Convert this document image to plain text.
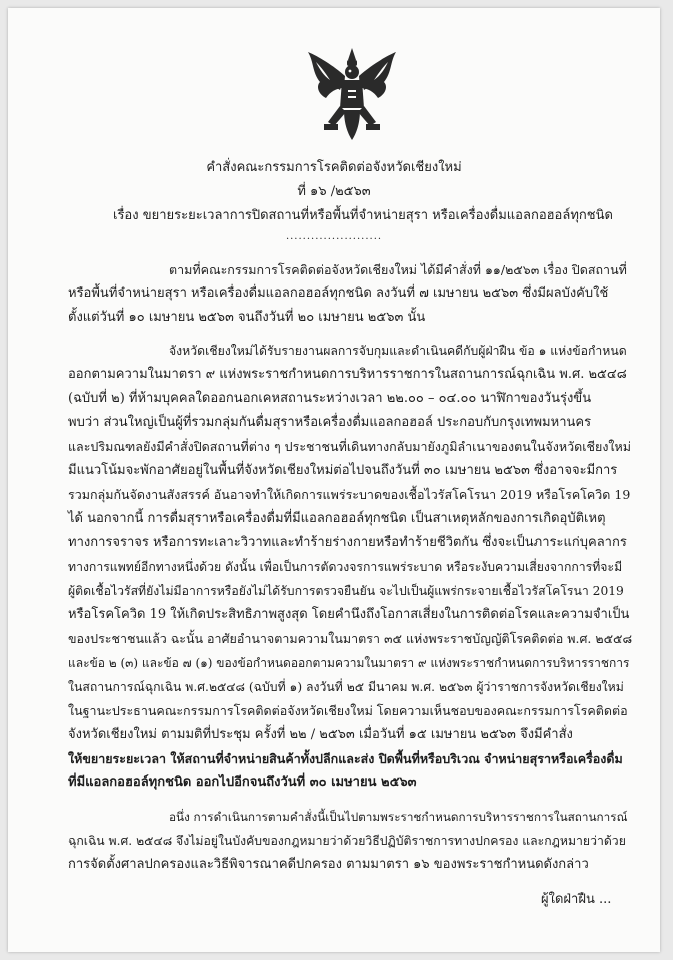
คำสั่งคณะกรรมการโรคติดต่อจังหวัดเชียงใหม่
ที่ ๑๖ /๒๕๖๓
เรื่อง ขยายระยะเวลาการปิดสถานที่หรือพื้นที่จำหน่ายสุรา หรือเครื่องดื่มแอลกอฮอล์ทุกชนิด
.......................
ตามที่คณะกรรมการโรคติดต่อจังหวัดเชียงใหม่ ได้มีคำสั่งที่ ๑๑/๒๕๖๓ เรื่อง ปิดสถานที่
หรือพื้นที่จำหน่ายสุรา หรือเครื่องดื่มแอลกอฮอล์ทุกชนิด ลงวันที่ ๗ เมษายน ๒๕๖๓ ซึ่งมีผลบังคับใช้
ตั้งแต่วันที่ ๑๐ เมษายน ๒๕๖๓ จนถึงวันที่ ๒๐ เมษายน ๒๕๖๓ นั้น
จังหวัดเชียงใหม่ได้รับรายงานผลการจับกุมและดำเนินคดีกับผู้ฝ่าฝืน ข้อ ๑ แห่งข้อกำหนด
ออกตามความในมาตรา ๙ แห่งพระราชกำหนดการบริหารราชการในสถานการณ์ฉุกเฉิน พ.ศ. ๒๕๔๘
(ฉบับที่ ๒) ที่ห้ามบุคคลใดออกนอกเคหสถานระหว่างเวลา ๒๒.๐๐ – ๐๔.๐๐ นาฬิกาของวันรุ่งขึ้น
พบว่า ส่วนใหญ่เป็นผู้ที่รวมกลุ่มกันดื่มสุราหรือเครื่องดื่มแอลกอฮอล์ ประกอบกับกรุงเทพมหานคร
และปริมณฑลยังมีคำสั่งปิดสถานที่ต่าง ๆ ประชาชนที่เดินทางกลับมายังภูมิลำเนาของตนในจังหวัดเชียงใหม่
มีแนวโน้มจะพักอาศัยอยู่ในพื้นที่จังหวัดเชียงใหม่ต่อไปจนถึงวันที่ ๓๐ เมษายน ๒๕๖๓ ซึ่งอาจจะมีการ
รวมกลุ่มกันจัดงานสังสรรค์ อันอาจทำให้เกิดการแพร่ระบาดของเชื้อไวรัสโคโรนา 2019 หรือโรคโควิด 19
ได้ นอกจากนี้ การดื่มสุราหรือเครื่องดื่มที่มีแอลกอฮอล์ทุกชนิด เป็นสาเหตุหลักของการเกิดอุบัติเหตุ
ทางการจราจร หรือการทะเลาะวิวาทและทำร้ายร่างกายหรือทำร้ายชีวิตกัน ซึ่งจะเป็นภาระแก่บุคลากร
ทางการแพทย์อีกทางหนึ่งด้วย ดังนั้น เพื่อเป็นการตัดวงจรการแพร่ระบาด หรือระงับความเสี่ยงจากการที่จะมี
ผู้ติดเชื้อไวรัสที่ยังไม่มีอาการหรือยังไม่ได้รับการตรวจยืนยัน จะไปเป็นผู้แพร่กระจายเชื้อไวรัสโคโรนา 2019
หรือโรคโควิด 19 ให้เกิดประสิทธิภาพสูงสุด โดยคำนึงถึงโอกาสเสี่ยงในการติดต่อโรคและความจำเป็น
ของประชาชนแล้ว ฉะนั้น อาศัยอำนาจตามความในมาตรา ๓๕ แห่งพระราชบัญญัติโรคติดต่อ พ.ศ. ๒๕๕๘
และข้อ ๒ (๓) และข้อ ๗ (๑) ของข้อกำหนดออกตามความในมาตรา ๙ แห่งพระราชกำหนดการบริหารราชการ
ในสถานการณ์ฉุกเฉิน พ.ศ.๒๕๔๘ (ฉบับที่ ๑) ลงวันที่ ๒๕ มีนาคม พ.ศ. ๒๕๖๓ ผู้ว่าราชการจังหวัดเชียงใหม่
ในฐานะประธานคณะกรรมการโรคติดต่อจังหวัดเชียงใหม่ โดยความเห็นชอบของคณะกรรมการโรคติดต่อ
จังหวัดเชียงใหม่ ตามมติที่ประชุม ครั้งที่ ๒๒ / ๒๕๖๓ เมื่อวันที่ ๑๕ เมษายน ๒๕๖๓ จึงมีคำสั่ง
ให้ขยายระยะเวลา ให้สถานที่จำหน่ายสินค้าทั้งปลีกและส่ง ปิดพื้นที่หรือบริเวณ จำหน่ายสุราหรือเครื่องดื่ม
ที่มีแอลกอฮอล์ทุกชนิด ออกไปอีกจนถึงวันที่ ๓๐ เมษายน ๒๕๖๓
อนึ่ง การดำเนินการตามคำสั่งนี้เป็นไปตามพระราชกำหนดการบริหารราชการในสถานการณ์
ฉุกเฉิน พ.ศ. ๒๕๔๘ จึงไม่อยู่ในบังคับของกฎหมายว่าด้วยวิธีปฏิบัติราชการทางปกครอง และกฎหมายว่าด้วย
การจัดตั้งศาลปกครองและวิธีพิจารณาคดีปกครอง ตามมาตรา ๑๖ ของพระราชกำหนดดังกล่าว
ผู้ใดฝ่าฝืน ...
